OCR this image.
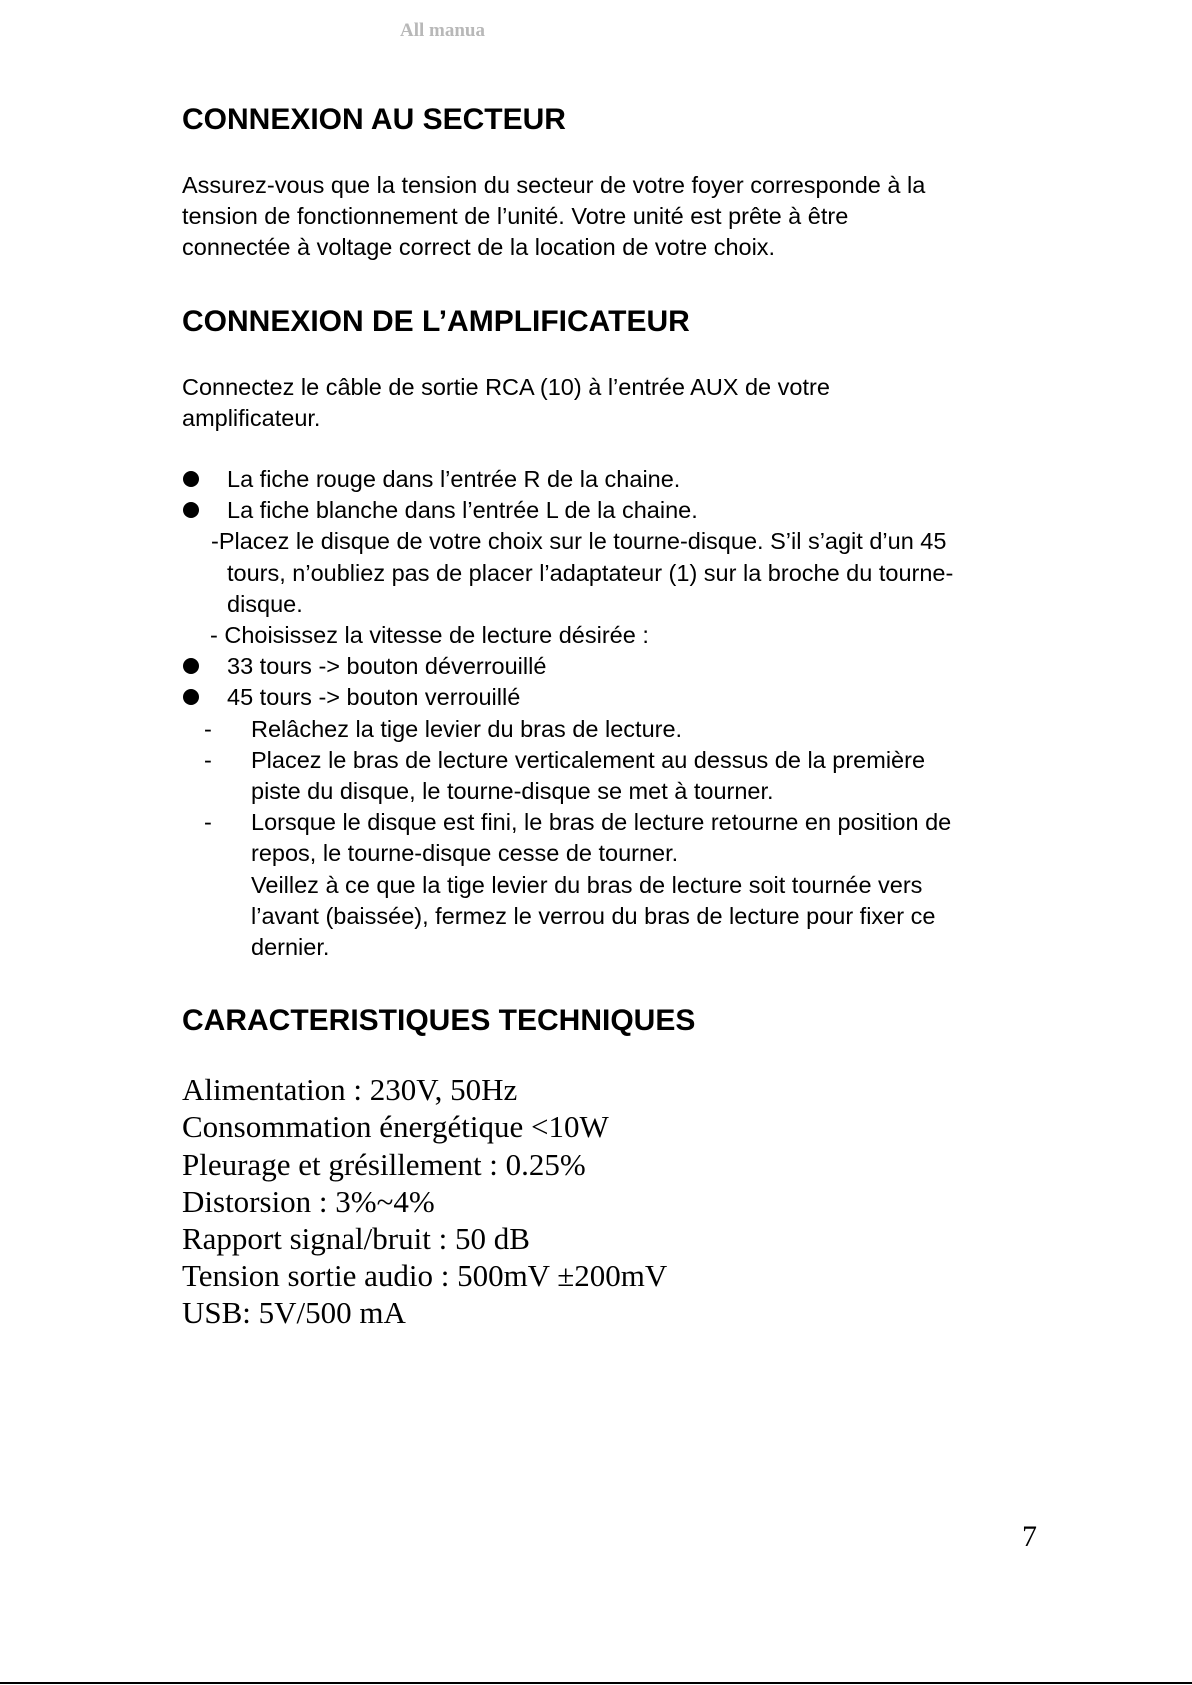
All manua
CONNEXION AU SECTEUR

Assurez-vous que la tension du secteur de votre foyer corresponde à la
tension de fonctionnement de l’unité. Votre unité est prête à être
connectée à voltage correct de la location de votre choix.

CONNEXION DE L’AMPLIFICATEUR

Connectez le câble de sortie RCA (10) à l’entrée AUX de votre
amplificateur.

La fiche rouge dans l’entrée R de la chaine.
La fiche blanche dans l’entrée L de la chaine.
-Placez le disque de votre choix sur le tourne-disque. S’il s’agit d’un 45
tours, n’oubliez pas de placer l’adaptateur (1) sur la broche du tourne-
disque.
- Choisissez la vitesse de lecture désirée :
33 tours -> bouton déverrouillé
45 tours -> bouton verrouillé
- Relâchez la tige levier du bras de lecture.
- Placez le bras de lecture verticalement au dessus de la première
piste du disque, le tourne-disque se met à tourner.
- Lorsque le disque est fini, le bras de lecture retourne en position de
repos, le tourne-disque cesse de tourner.
Veillez à ce que la tige levier du bras de lecture soit tournée vers
l’avant (baissée), fermez le verrou du bras de lecture pour fixer ce
dernier.
CARACTERISTIQUES TECHNIQUES
Alimentation : 230V, 50Hz
Consommation énergétique <10W
Pleurage et grésillement : 0.25%
Distorsion : 3%~4%
Rapport signal/bruit : 50 dB
Tension sortie audio : 500mV ±200mV
USB: 5V/500 mA
7
